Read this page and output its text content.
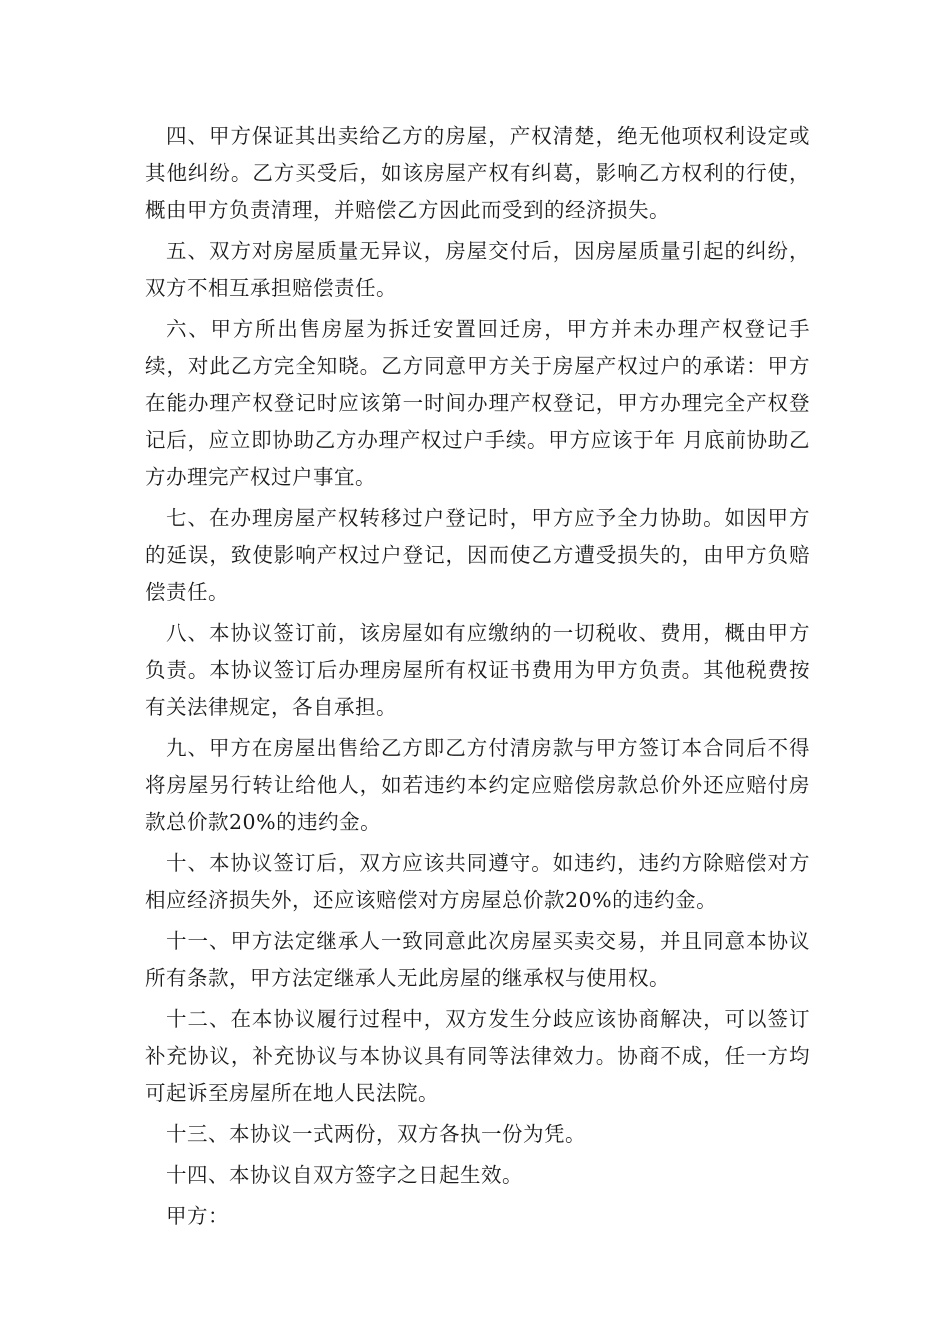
四、甲方保证其出卖给乙方的房屋，产权清楚，绝无他项权利设定或其他纠纷。乙方买受后，如该房屋产权有纠葛，影响乙方权利的行使，概由甲方负责清理，并赔偿乙方因此而受到的经济损失。

五、双方对房屋质量无异议，房屋交付后，因房屋质量引起的纠纷，双方不相互承担赔偿责任。

六、甲方所出售房屋为拆迁安置回迁房，甲方并未办理产权登记手续，对此乙方完全知晓。乙方同意甲方关于房屋产权过户的承诺：甲方在能办理产权登记时应该第一时间办理产权登记，甲方办理完全产权登记后，应立即协助乙方办理产权过户手续。甲方应该于年 月底前协助乙方办理完产权过户事宜。

七、在办理房屋产权转移过户登记时，甲方应予全力协助。如因甲方的延误，致使影响产权过户登记，因而使乙方遭受损失的，由甲方负赔偿责任。

八、本协议签订前，该房屋如有应缴纳的一切税收、费用，概由甲方负责。本协议签订后办理房屋所有权证书费用为甲方负责。其他税费按有关法律规定，各自承担。

九、甲方在房屋出售给乙方即乙方付清房款与甲方签订本合同后不得将房屋另行转让给他人，如若违约本约定应赔偿房款总价外还应赔付房款总价款20%的违约金。

十、本协议签订后，双方应该共同遵守。如违约，违约方除赔偿对方相应经济损失外，还应该赔偿对方房屋总价款20%的违约金。

十一、甲方法定继承人一致同意此次房屋买卖交易，并且同意本协议所有条款，甲方法定继承人无此房屋的继承权与使用权。

十二、在本协议履行过程中，双方发生分歧应该协商解决，可以签订补充协议，补充协议与本协议具有同等法律效力。协商不成，任一方均可起诉至房屋所在地人民法院。

十三、本协议一式两份，双方各执一份为凭。

十四、本协议自双方签字之日起生效。

甲方：
